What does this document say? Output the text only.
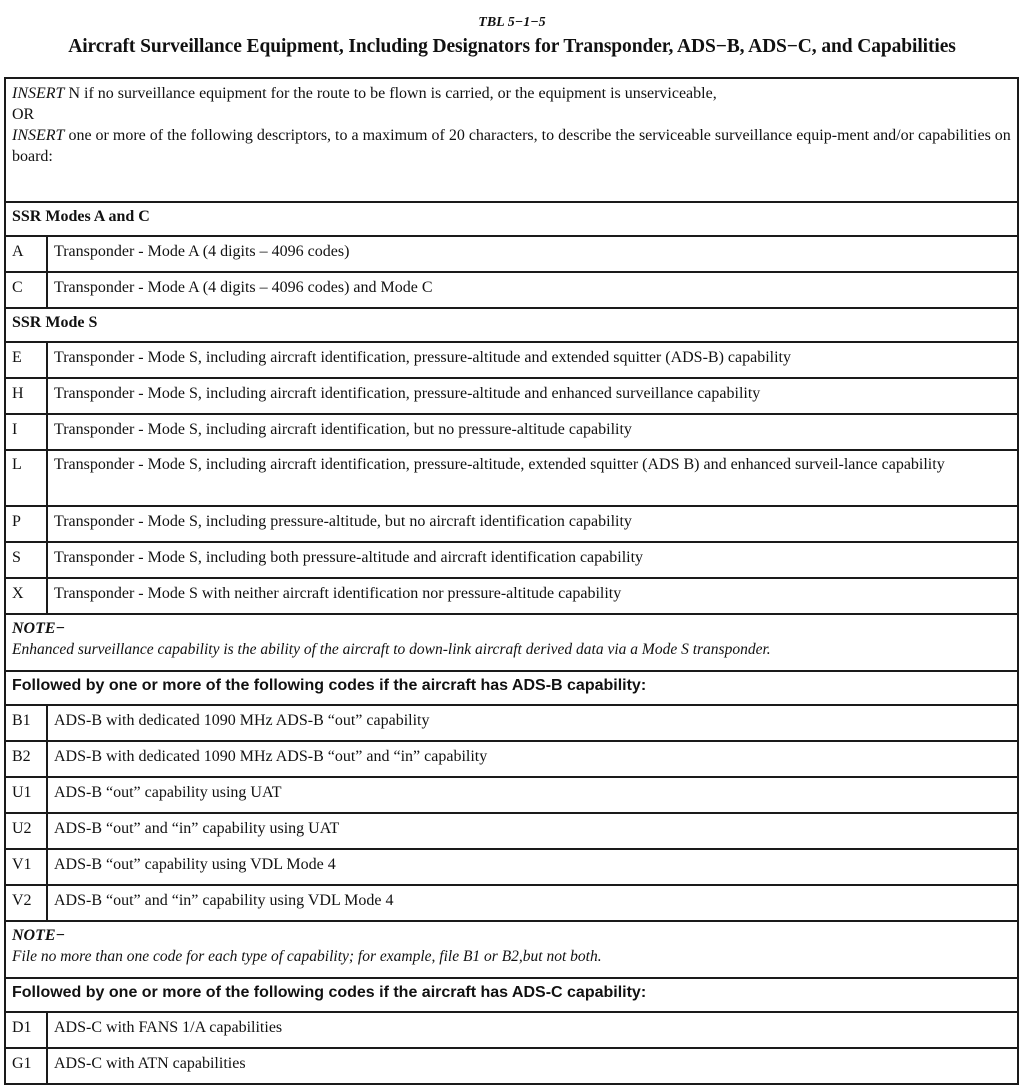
TBL 5−1−5
Aircraft Surveillance Equipment, Including Designators for Transponder, ADS−B, ADS−C, and Capabilities
INSERT N if no surveillance equipment for the route to be flown is carried, or the equipment is unserviceable,
OR
INSERT one or more of the following descriptors, to a maximum of 20 characters, to describe the serviceable surveillance equip-ment and/or capabilities on board:	
SSR Modes A and C	
A	Transponder - Mode A (4 digits – 4096 codes)
C	Transponder - Mode A (4 digits – 4096 codes) and Mode C
SSR Mode S	
E	Transponder - Mode S, including aircraft identification, pressure-altitude and extended squitter (ADS-B) capability
H	Transponder - Mode S, including aircraft identification, pressure-altitude and enhanced surveillance capability
I	Transponder - Mode S, including aircraft identification, but no pressure-altitude capability
L	Transponder - Mode S, including aircraft identification, pressure-altitude, extended squitter (ADS B) and enhanced surveil-lance capability
P	Transponder - Mode S, including pressure-altitude, but no aircraft identification capability
S	Transponder - Mode S, including both pressure-altitude and aircraft identification capability
X	Transponder - Mode S with neither aircraft identification nor pressure-altitude capability
NOTE−
Enhanced surveillance capability is the ability of the aircraft to down-link aircraft derived data via a Mode S transponder.	
Followed by one or more of the following codes if the aircraft has ADS-B capability:	
B1	ADS-B with dedicated 1090 MHz ADS-B “out” capability
B2	ADS-B with dedicated 1090 MHz ADS-B “out” and “in” capability
U1	ADS-B “out” capability using UAT
U2	ADS-B “out” and “in” capability using UAT
V1	ADS-B “out” capability using VDL Mode 4
V2	ADS-B “out” and “in” capability using VDL Mode 4
NOTE−
File no more than one code for each type of capability; for example, file B1 or B2,but not both.	
Followed by one or more of the following codes if the aircraft has ADS-C capability:	
D1	ADS-C with FANS 1/A capabilities
G1	ADS-C with ATN capabilities
